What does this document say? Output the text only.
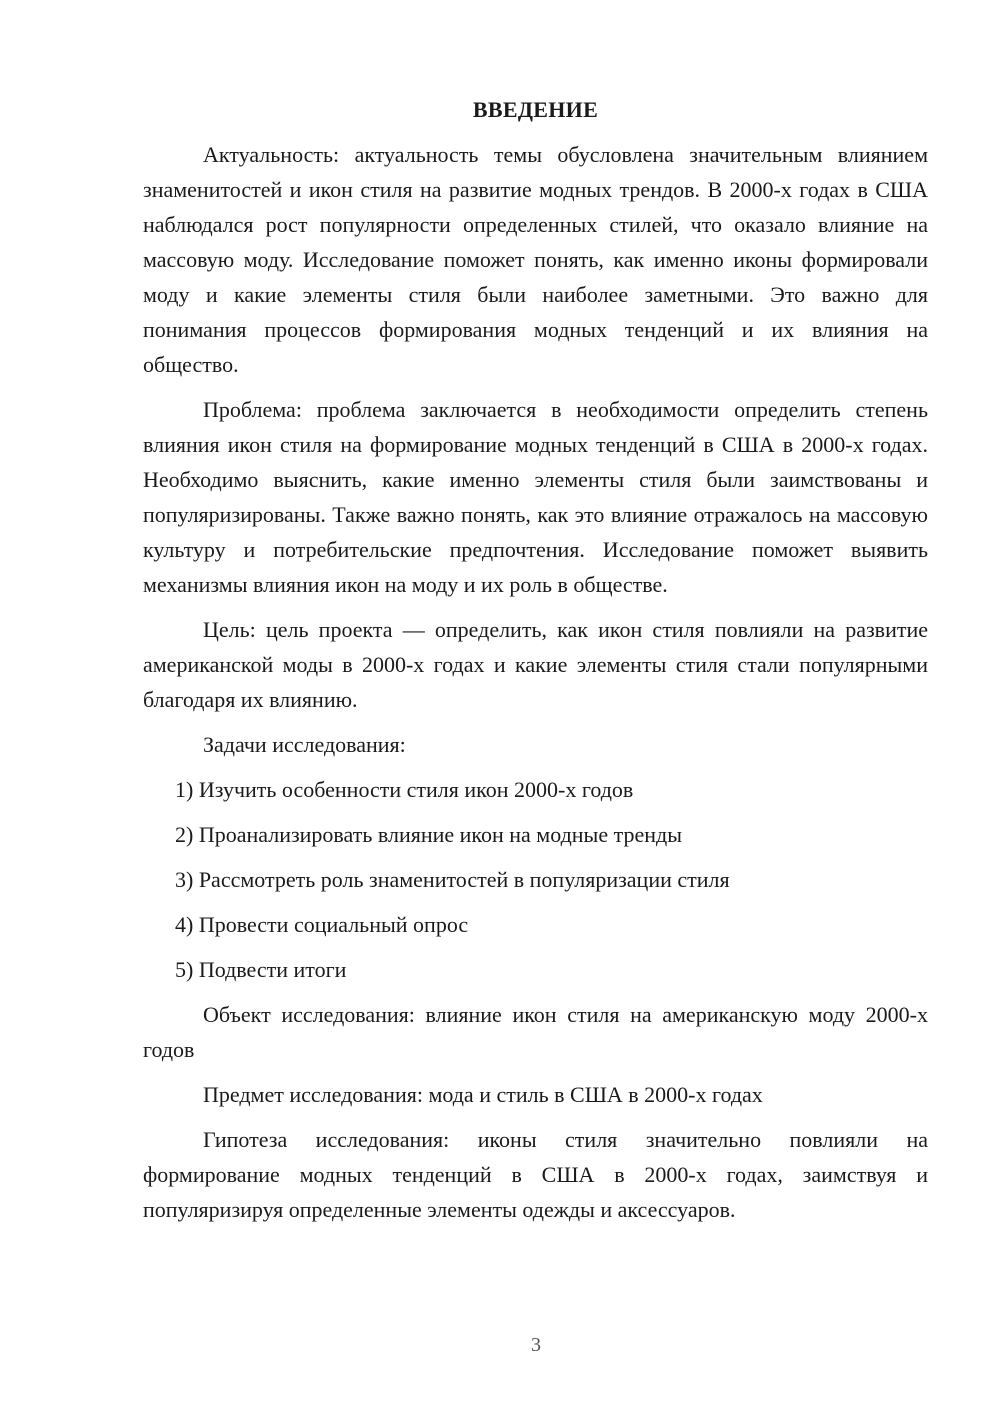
ВВЕДЕНИЕ

Актуальность: актуальность темы обусловлена значительным влиянием знаменитостей и икон стиля на развитие модных трендов. В 2000-х годах в США наблюдался рост популярности определенных стилей, что оказало влияние на массовую моду. Исследование поможет понять, как именно иконы формировали моду и какие элементы стиля были наиболее заметными. Это важно для понимания процессов формирования модных тенденций и их влияния на общество.

Проблема: проблема заключается в необходимости определить степень влияния икон стиля на формирование модных тенденций в США в 2000-х годах. Необходимо выяснить, какие именно элементы стиля были заимствованы и популяризированы. Также важно понять, как это влияние отражалось на массовую культуру и потребительские предпочтения. Исследование поможет выявить механизмы влияния икон на моду и их роль в обществе.

Цель: цель проекта — определить, как икон стиля повлияли на развитие американской моды в 2000-х годах и какие элементы стиля стали популярными благодаря их влиянию.

Задачи исследования:

1) Изучить особенности стиля икон 2000-х годов
2) Проанализировать влияние икон на модные тренды
3) Рассмотреть роль знаменитостей в популяризации стиля
4) Провести социальный опрос
5) Подвести итоги

Объект исследования: влияние икон стиля на американскую моду 2000-х годов

Предмет исследования: мода и стиль в США в 2000-х годах

Гипотеза исследования: иконы стиля значительно повлияли на формирование модных тенденций в США в 2000-х годах, заимствуя и популяризируя определенные элементы одежды и аксессуаров.

3
